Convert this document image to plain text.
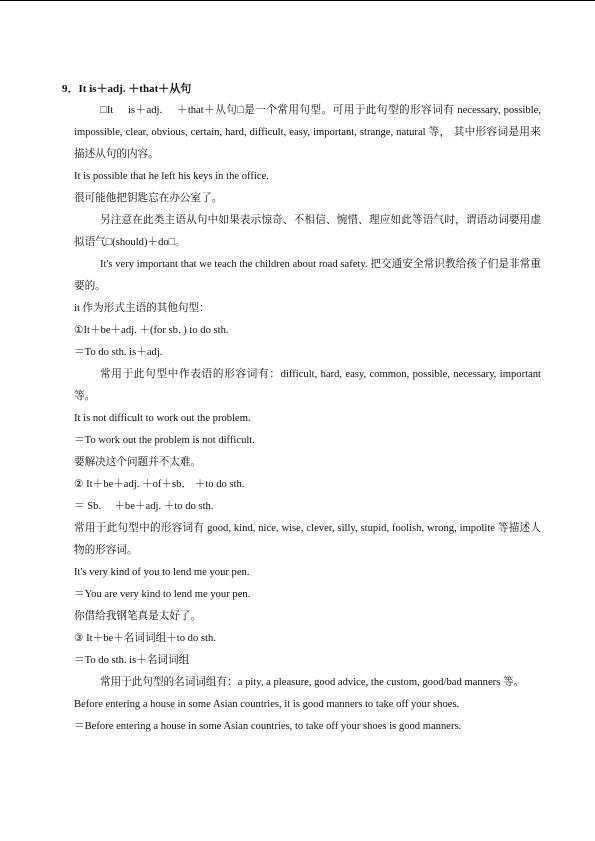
9．It is＋adj. ＋that＋从句

□It　 is＋adj.　 ＋that＋从句□是一个常用句型。可用于此句型的形容词有 necessary, possible, impossible, clear, obvious, certain, hard, difficult, easy, important, strange, natural 等， 其中形容词是用来描述从句的内容。

It is possible that he left his keys in the office.

很可能他把钥匙忘在办公室了。

另注意在此类主语从句中如果表示惊奇、不相信、惋惜、理应如此等语气时，谓语动词要用虚拟语气□(should)＋do□。

It's very important that we teach the children about road safety. 把交通安全常识教给孩子们是非常重要的。

it 作为形式主语的其他句型：

①It＋be＋adj. ＋(for sb．) to do sth.

＝To do sth. is＋adj.

常用于此句型中作表语的形容词有：difficult, hard, easy, common, possible, necessary, important 等。

It is not difficult to work out the problem.

＝To work out the problem is not difficult.

要解决这个问题并不太难。

② It＋be＋adj. ＋of＋sb． ＋to do sth.

＝ Sb.　 ＋be＋adj. ＋to do sth.

常用于此句型中的形容词有 good, kind, nice, wise, clever, silly, stupid, foolish, wrong, impolite 等描述人物的形容词。

It's very kind of you to lend me your pen.

＝You are very kind to lend me your pen.

你借给我钢笔真是太好了。

③ It＋be＋名词词组＋to do sth.

＝To do sth. is＋名词词组

常用于此句型的名词词组有：a pity, a pleasure, good advice, the custom, good/bad manners 等。

Before entering a house in some Asian countries, it is good manners to take off your shoes.

＝Before entering a house in some Asian countries, to take off your shoes is good manners.
